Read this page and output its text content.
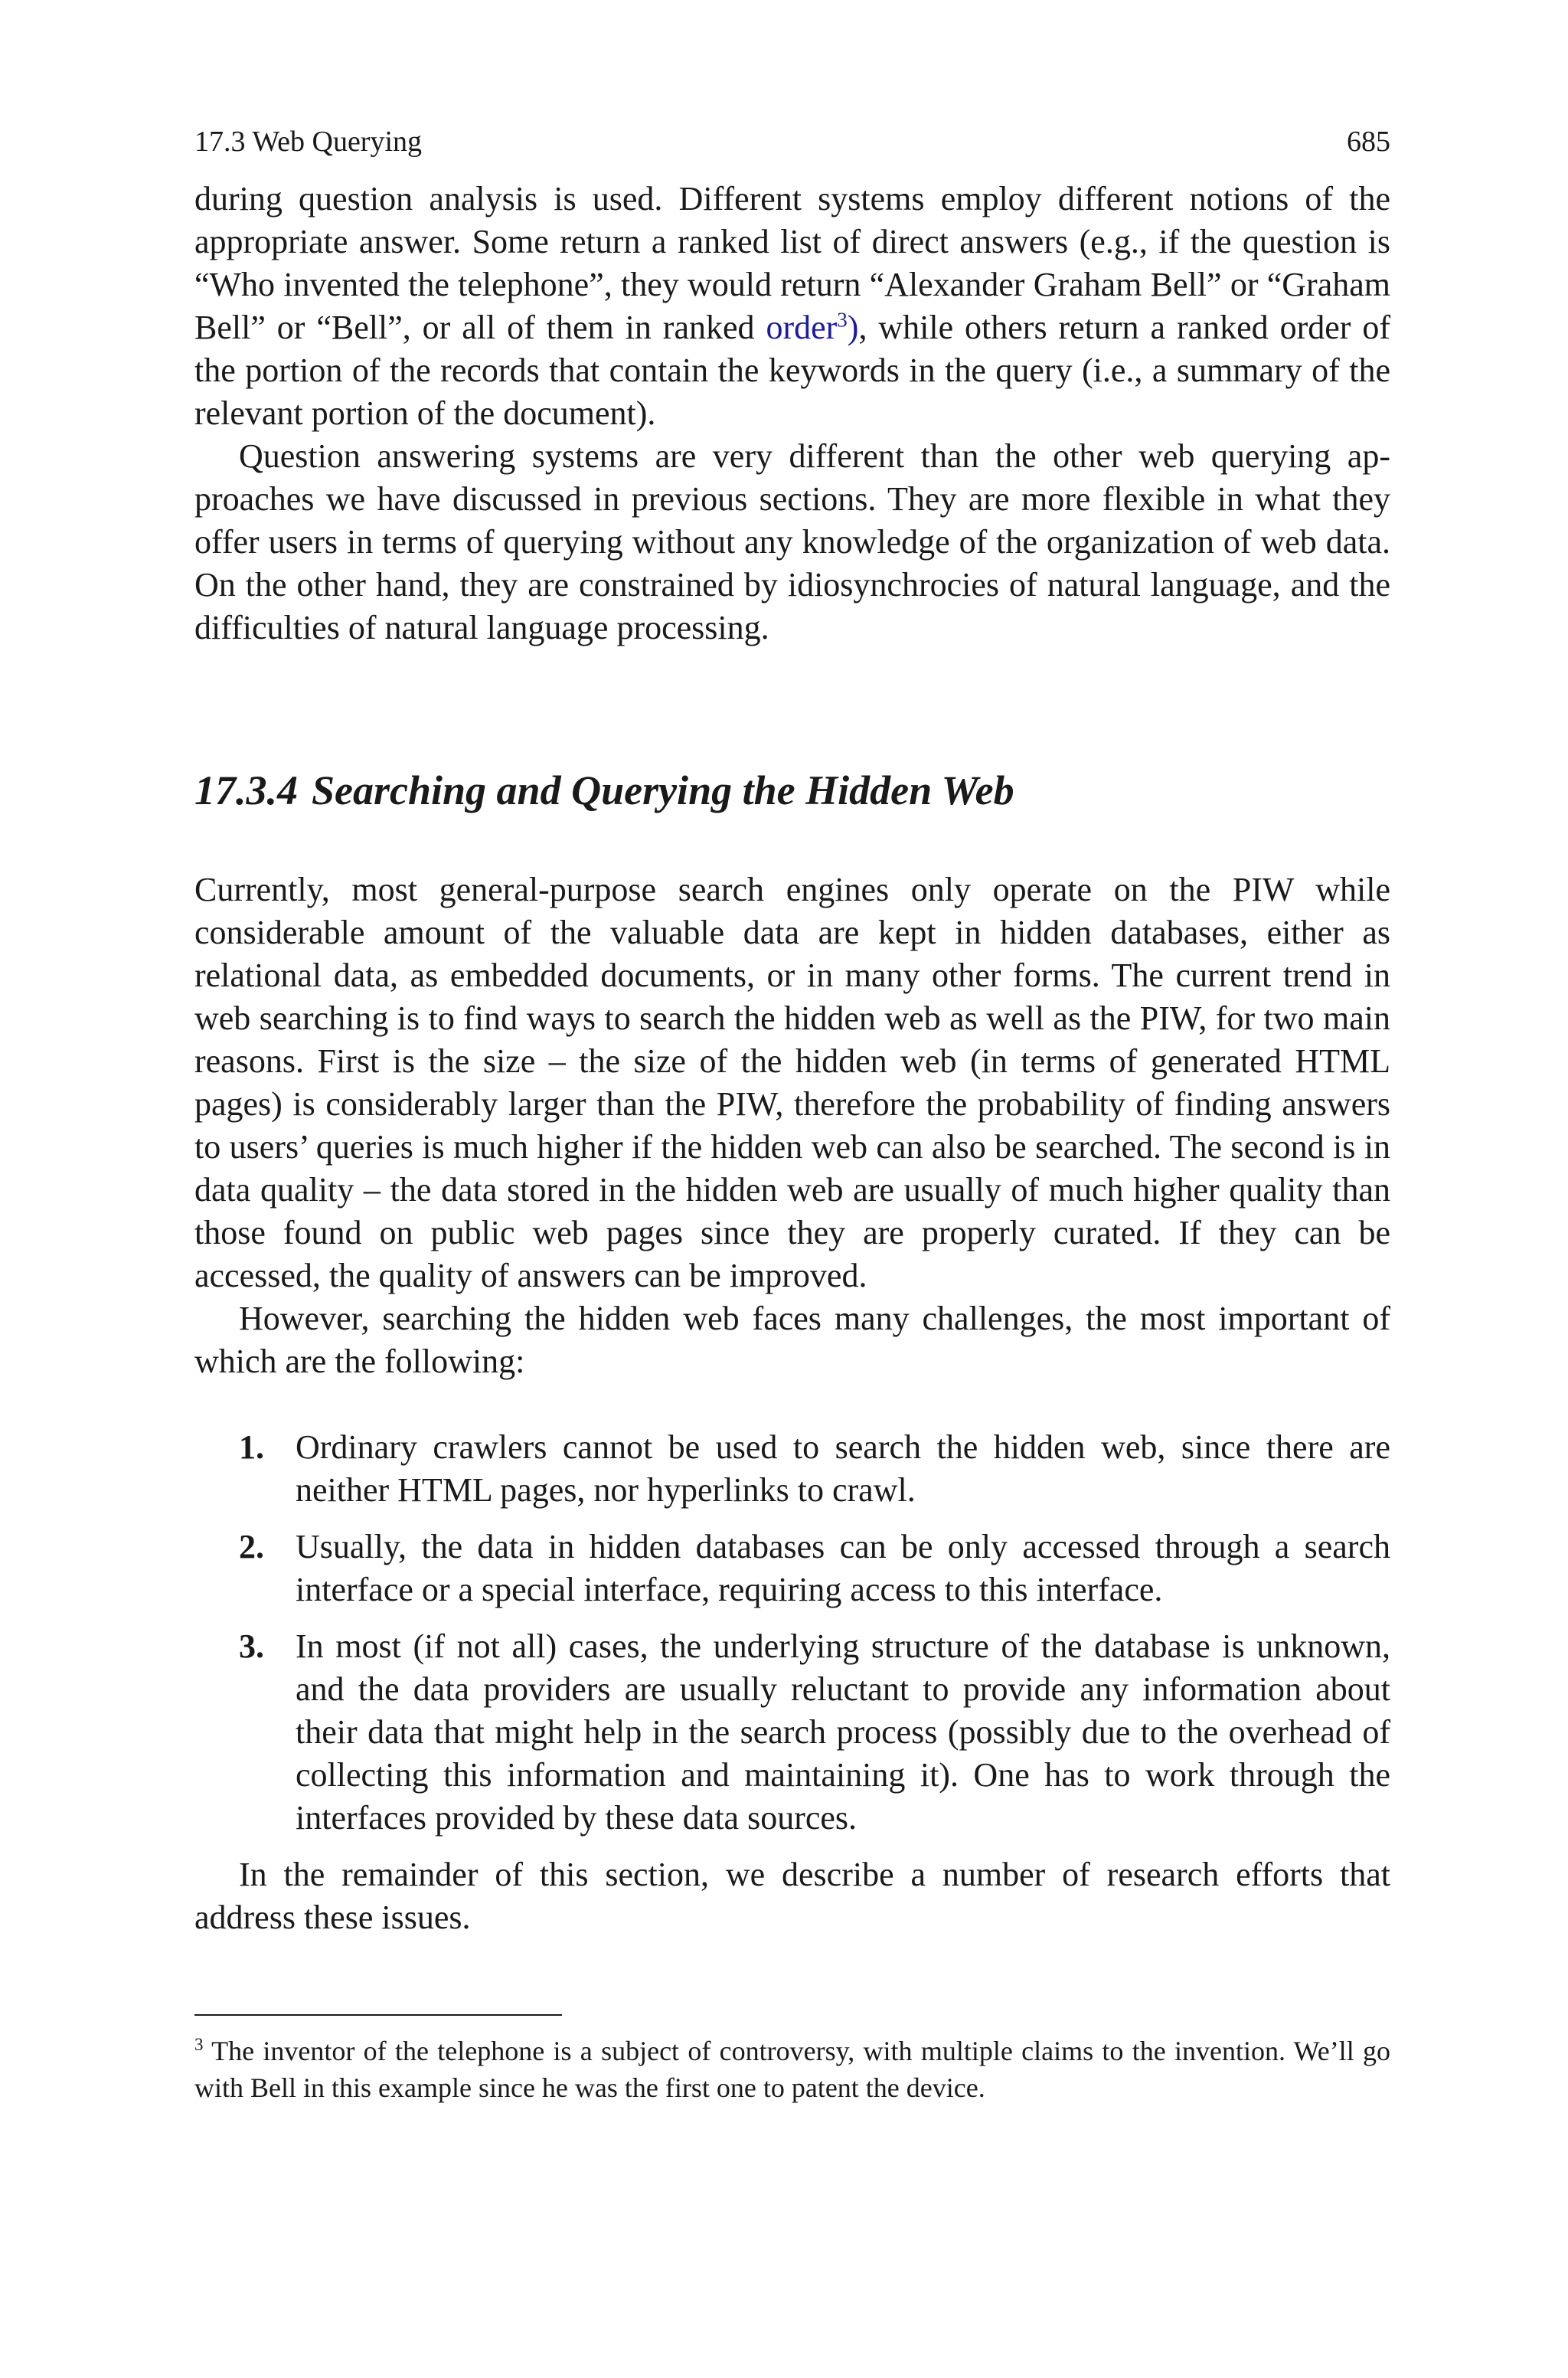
17.3 Web Querying	685

during question analysis is used. Different systems employ different notions of the appropriate answer. Some return a ranked list of direct answers (e.g., if the question is “Who invented the telephone”, they would return “Alexander Graham Bell” or “Graham Bell” or “Bell”, or all of them in ranked order$^3$), while others return a ranked order of the portion of the records that contain the keywords in the query (i.e., a summary of the relevant portion of the document).

Question answering systems are very different than the other web querying approaches we have discussed in previous sections. They are more flexible in what they offer users in terms of querying without any knowledge of the organization of web data. On the other hand, they are constrained by idiosynchrocies of natural language, and the difficulties of natural language processing.

17.3.4 Searching and Querying the Hidden Web

Currently, most general-purpose search engines only operate on the PIW while considerable amount of the valuable data are kept in hidden databases, either as relational data, as embedded documents, or in many other forms. The current trend in web searching is to find ways to search the hidden web as well as the PIW, for two main reasons. First is the size – the size of the hidden web (in terms of generated HTML pages) is considerably larger than the PIW, therefore the probability of finding answers to users’ queries is much higher if the hidden web can also be searched. The second is in data quality – the data stored in the hidden web are usually of much higher quality than those found on public web pages since they are properly curated. If they can be accessed, the quality of answers can be improved.

However, searching the hidden web faces many challenges, the most important of which are the following:

1. Ordinary crawlers cannot be used to search the hidden web, since there are neither HTML pages, nor hyperlinks to crawl.
2. Usually, the data in hidden databases can be only accessed through a search interface or a special interface, requiring access to this interface.
3. In most (if not all) cases, the underlying structure of the database is unknown, and the data providers are usually reluctant to provide any information about their data that might help in the search process (possibly due to the overhead of collecting this information and maintaining it). One has to work through the interfaces provided by these data sources.

In the remainder of this section, we describe a number of research efforts that address these issues.

$^3$ The inventor of the telephone is a subject of controversy, with multiple claims to the invention. We’ll go with Bell in this example since he was the first one to patent the device.
